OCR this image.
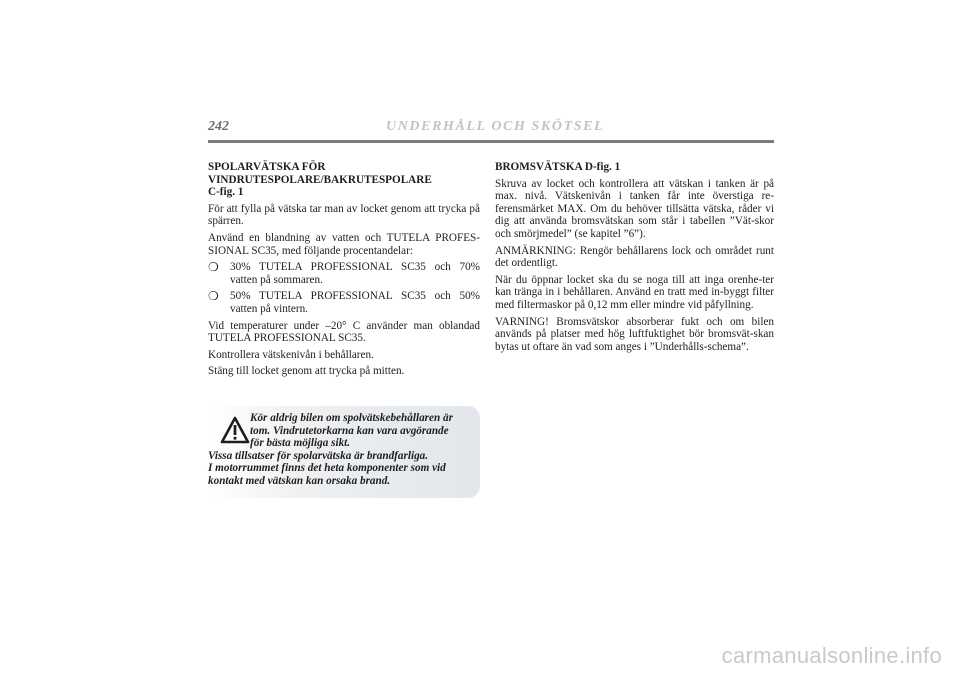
242	UNDERHÅLL OCH SKÖTSEL
SPOLARVÄTSKA FÖR
VINDRUTESPOLARE/BAKRUTESPOLARE
C-fig. 1

För att fylla på vätska tar man av locket genom att trycka på spärren.

Använd en blandning av vatten och TUTELA PROFES-SIONAL SC35, med följande procentandelar:

❍	30% TUTELA PROFESSIONAL SC35 och 70% vatten på sommaren.
❍	50% TUTELA PROFESSIONAL SC35 och 50% vatten på vintern.

Vid temperaturer under –20° C använder man oblandad TUTELA PROFESSIONAL SC35.

Kontrollera vätskenivån i behållaren.

Stäng till locket genom att trycka på mitten.

Kör aldrig bilen om spolvätskebehållaren är
tom. Vindrutetorkarna kan vara avgörande
för bästa möjliga sikt.
Vissa tillsatser för spolarvätska är brandfarliga.
I motorrummet finns det heta komponenter som vid
kontakt med vätskan kan orsaka brand.
BROMSVÄTSKA D-fig. 1

Skruva av locket och kontrollera att vätskan i tanken är på max. nivå. Vätskenivån i tanken får inte överstiga re-ferensmärket MAX. Om du behöver tillsätta vätska, råder vi dig att använda bromsvätskan som står i tabellen ”Vät-skor och smörjmedel” (se kapitel ”6”).

ANMÄRKNING: Rengör behållarens lock och området runt det ordentligt.

När du öppnar locket ska du se noga till att inga orenhe-ter kan tränga in i behållaren. Använd en tratt med in-byggt filter med filtermaskor på 0,12 mm eller mindre vid påfyllning.

VARNING! Bromsvätskor absorberar fukt och om bilen används på platser med hög luftfuktighet bör bromsvät-skan bytas ut oftare än vad som anges i ”Underhålls-schema”.

carmanualsonline.info
